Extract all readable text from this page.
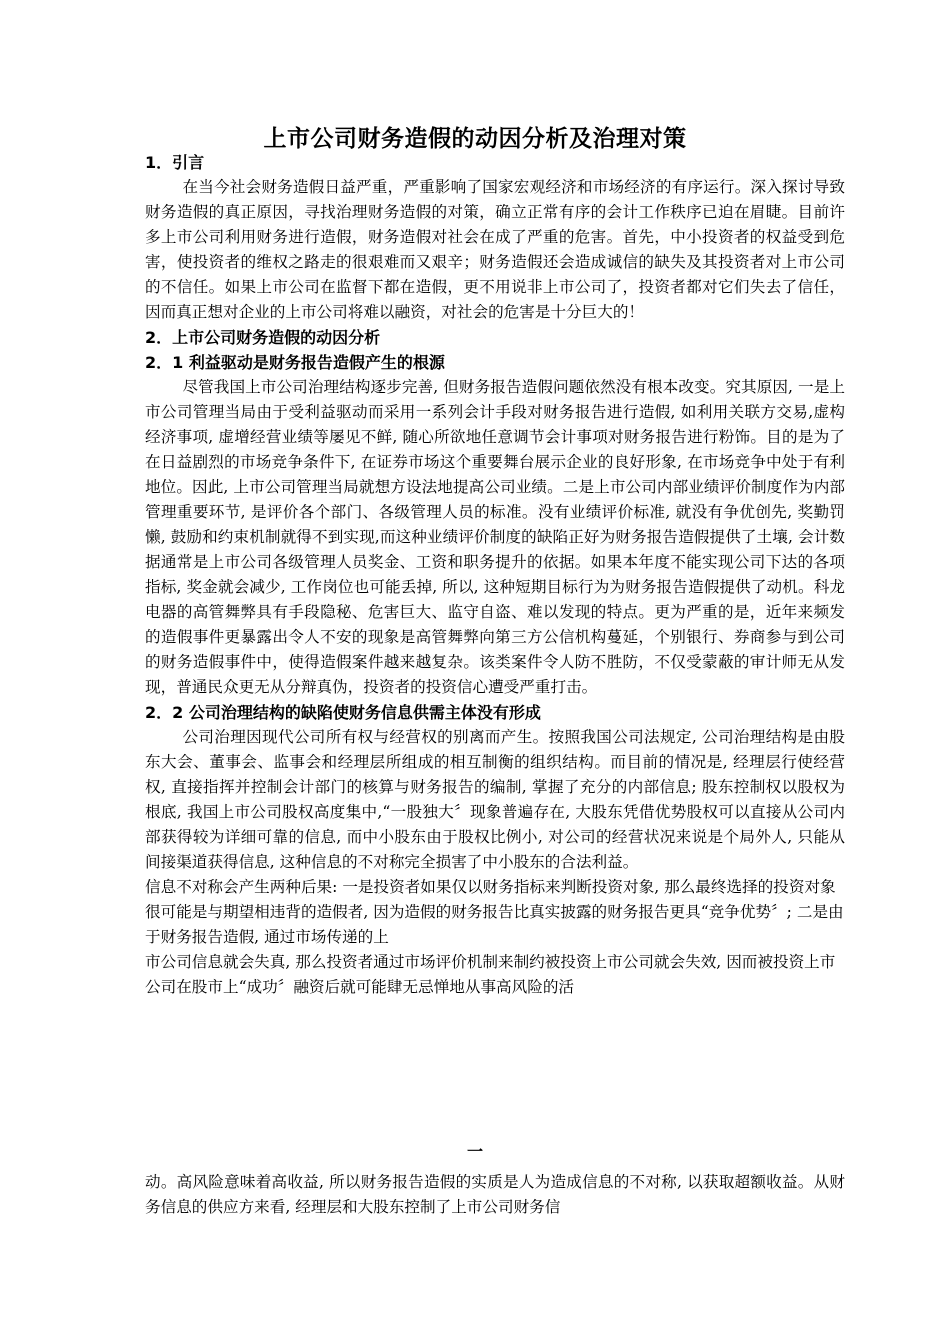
上市公司财务造假的动因分析及治理对策

1．引言

在当今社会财务造假日益严重，严重影响了国家宏观经济和市场经济的有序运行。深入探讨导致财务造假的真正原因，寻找治理财务造假的对策，确立正常有序的会计工作秩序已迫在眉睫。目前许多上市公司利用财务进行造假，财务造假对社会在成了严重的危害。首先，中小投资者的权益受到危害，使投资者的维权之路走的很艰难而又艰辛；财务造假还会造成诚信的缺失及其投资者对上市公司的不信任。如果上市公司在监督下都在造假，更不用说非上市公司了，投资者都对它们失去了信任，因而真正想对企业的上市公司将难以融资，对社会的危害是十分巨大的！

2．上市公司财务造假的动因分析

2．1 利益驱动是财务报告造假产生的根源

尽管我国上市公司治理结构逐步完善, 但财务报告造假问题依然没有根本改变。究其原因, 一是上市公司管理当局由于受利益驱动而采用一系列会计手段对财务报告进行造假, 如利用关联方交易,虚构经济事项, 虚增经营业绩等屡见不鲜, 随心所欲地任意调节会计事项对财务报告进行粉饰。目的是为了在日益剧烈的市场竞争条件下, 在证券市场这个重要舞台展示企业的良好形象, 在市场竞争中处于有利地位。因此, 上市公司管理当局就想方设法地提高公司业绩。二是上市公司内部业绩评价制度作为内部管理重要环节, 是评价各个部门、各级管理人员的标准。没有业绩评价标准, 就没有争优创先, 奖勤罚懒, 鼓励和约束机制就得不到实现,而这种业绩评价制度的缺陷正好为财务报告造假提供了土壤, 会计数据通常是上市公司各级管理人员奖金、工资和职务提升的依据。如果本年度不能实现公司下达的各项指标, 奖金就会减少, 工作岗位也可能丢掉, 所以, 这种短期目标行为为财务报告造假提供了动机。科龙电器的高管舞弊具有手段隐秘、危害巨大、监守自盗、难以发现的特点。更为严重的是，近年来频发的造假事件更暴露出令人不安的现象是高管舞弊向第三方公信机构蔓延，个别银行、券商参与到公司的财务造假事件中，使得造假案件越来越复杂。该类案件令人防不胜防，不仅受蒙蔽的审计师无从发现，普通民众更无从分辩真伪，投资者的投资信心遭受严重打击。

2．2 公司治理结构的缺陷使财务信息供需主体没有形成

公司治理因现代公司所有权与经营权的别离而产生。按照我国公司法规定, 公司治理结构是由股东大会、董事会、监事会和经理层所组成的相互制衡的组织结构。而目前的情况是, 经理层行使经营权, 直接指挥并控制会计部门的核算与财务报告的编制, 掌握了充分的内部信息; 股东控制权以股权为根底, 我国上市公司股权高度集中,“一股独大〞现象普遍存在, 大股东凭借优势股权可以直接从公司内部获得较为详细可靠的信息, 而中小股东由于股权比例小, 对公司的经营状况来说是个局外人, 只能从间接渠道获得信息, 这种信息的不对称完全损害了中小股东的合法利益。

信息不对称会产生两种后果: 一是投资者如果仅以财务指标来判断投资对象, 那么最终选择的投资对象很可能是与期望相违背的造假者, 因为造假的财务报告比真实披露的财务报告更具“竞争优势〞; 二是由于财务报告造假, 通过市场传递的上

市公司信息就会失真, 那么投资者通过市场评价机制来制约被投资上市公司就会失效, 因而被投资上市公司在股市上“成功〞融资后就可能肆无忌惮地从事高风险的活

一

动。高风险意味着高收益, 所以财务报告造假的实质是人为造成信息的不对称, 以获取超额收益。从财务信息的供应方来看, 经理层和大股东控制了上市公司财务信
